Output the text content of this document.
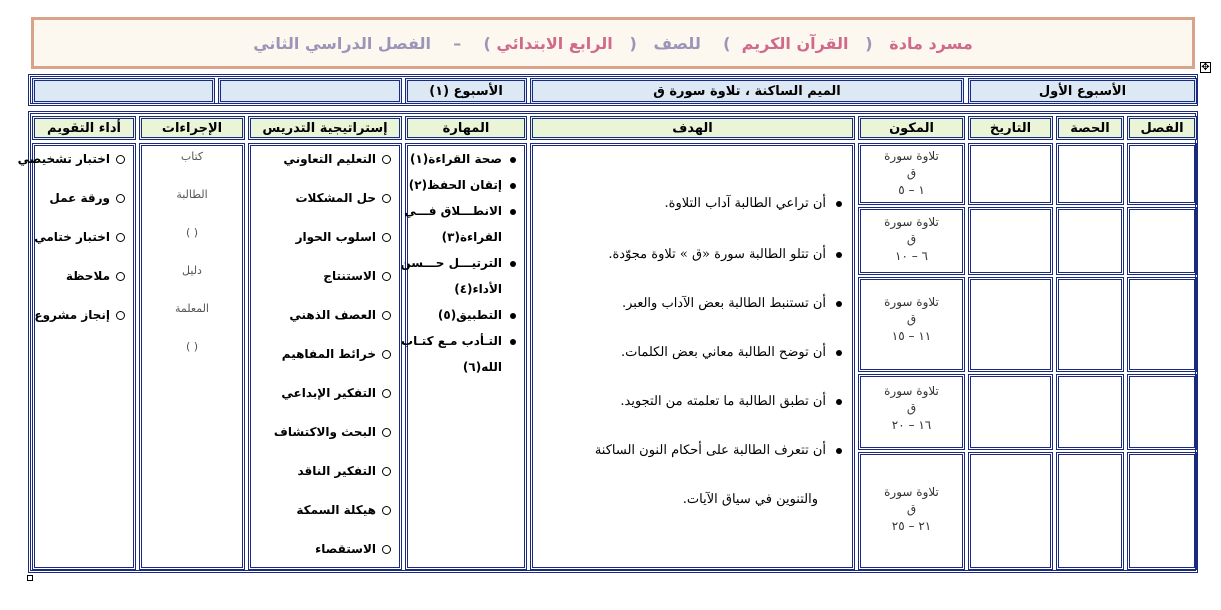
مسرد مادة   (   القرآن الكريم  )    للصف   (   الرابع الابتدائي )    –    الفصل الدراسي الثاني
✥
الأسبوع الأول
الميم الساكنة ، تلاوة سورة ق
الأسبوع (١)
الفصل
الحصة
التاريخ
المكون
الهدف
المهارة
إستراتيجية التدريس
الإجراءات
أداء التقويم
تلاوة سورة
ق
١ – ٥
تلاوة سورة
ق
٦ – ١٠
تلاوة سورة
ق
١١ – ١٥
تلاوة سورة
ق
١٦ – ٢٠
تلاوة سورة
ق
٢١ – ٢٥
أن تراعي الطالبة آداب التلاوة.
أن تتلو الطالبة سورة «ق » تلاوة مجوّدة.
أن تستنبط الطالبة بعض الآداب والعبر.
أن توضح الطالبة معاني بعض الكلمات.
أن تطبق الطالبة ما تعلمته من التجويد.
أن تتعرف الطالبة على أحكام النون الساكنة
والتنوين في سياق الآيات.
صحة القراءة(١)
إتقان الحفظ(٢)
الانطـــلاق فـــي
القراءة(٣)
الترتيـــل حـــسن
الأداء(٤)
التطبيق(٥)
التـأدب مـع كتـاب
الله(٦)
التعليم التعاوني
حل المشكلات
اسلوب الحوار
الاستنتاج
العصف الذهني
خرائط المفاهيم
التفكير الإبداعي
البحث والاكتشاف
التفكير الناقد
هيكلة السمكة
الاستقصاء
كتاب
الطالبة
( )
دليل
المعلمة
( )
اختبار تشخيصي
ورقة عمل
اختبار ختامي
ملاحظة
إنجاز مشروع
